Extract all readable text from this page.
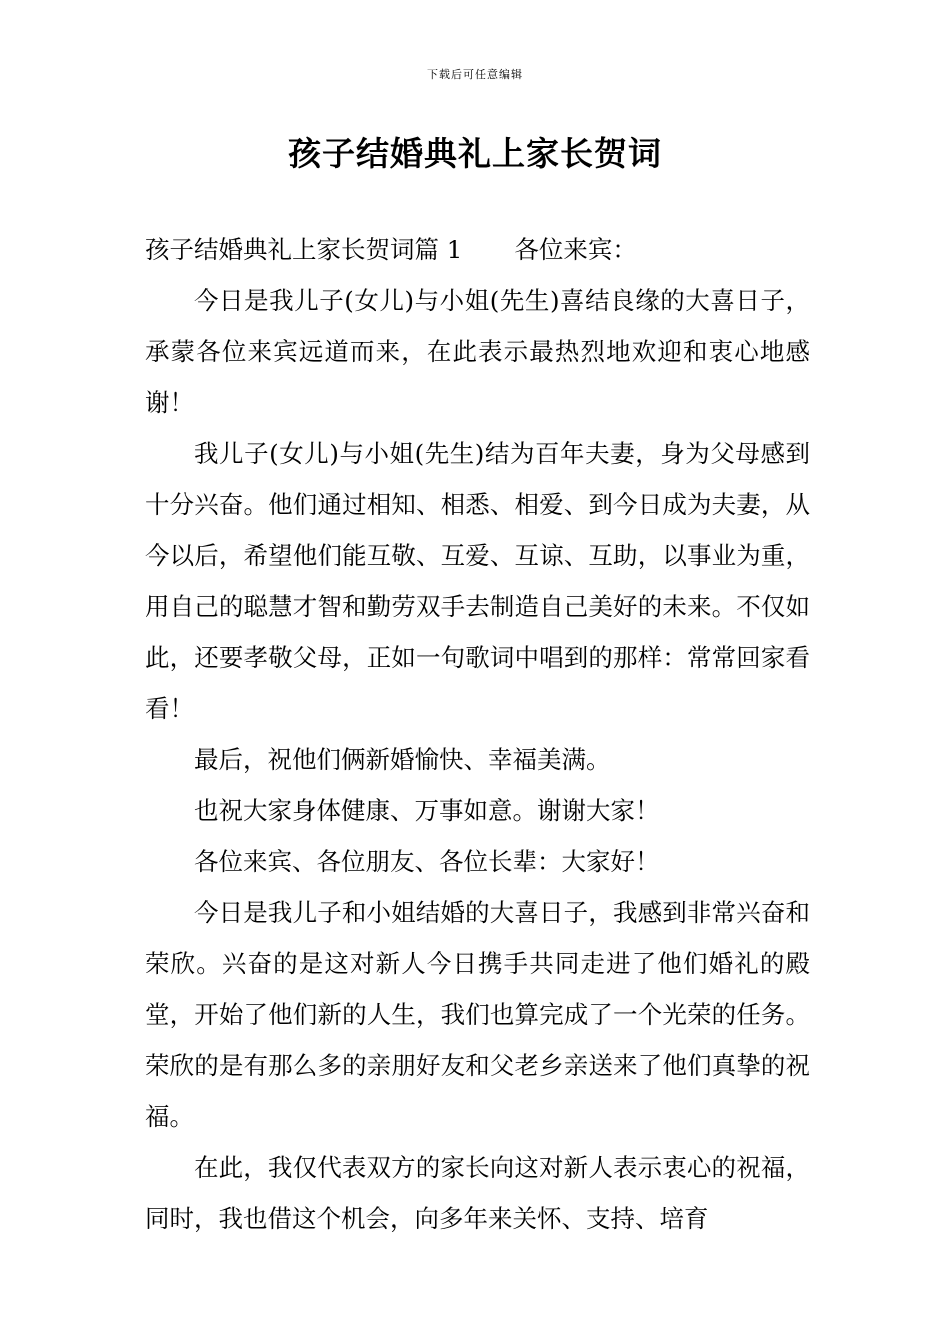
下载后可任意编辑
孩子结婚典礼上家长贺词

孩子结婚典礼上家长贺词篇 1 各位来宾：

今日是我儿子(女儿)与小姐(先生)喜结良缘的大喜日子，承蒙各位来宾远道而来，在此表示最热烈地欢迎和衷心地感谢！

我儿子(女儿)与小姐(先生)结为百年夫妻，身为父母感到十分兴奋。他们通过相知、相悉、相爱、到今日成为夫妻，从今以后，希望他们能互敬、互爱、互谅、互助，以事业为重，用自己的聪慧才智和勤劳双手去制造自己美好的未来。不仅如此，还要孝敬父母，正如一句歌词中唱到的那样：常常回家看看！

最后，祝他们俩新婚愉快、幸福美满。

也祝大家身体健康、万事如意。谢谢大家！

各位来宾、各位朋友、各位长辈：大家好！

今日是我儿子和小姐结婚的大喜日子，我感到非常兴奋和荣欣。兴奋的是这对新人今日携手共同走进了他们婚礼的殿堂，开始了他们新的人生，我们也算完成了一个光荣的任务。荣欣的是有那么多的亲朋好友和父老乡亲送来了他们真挚的祝福。

在此，我仅代表双方的家长向这对新人表示衷心的祝福，同时，我也借这个机会，向多年来关怀、支持、培育
